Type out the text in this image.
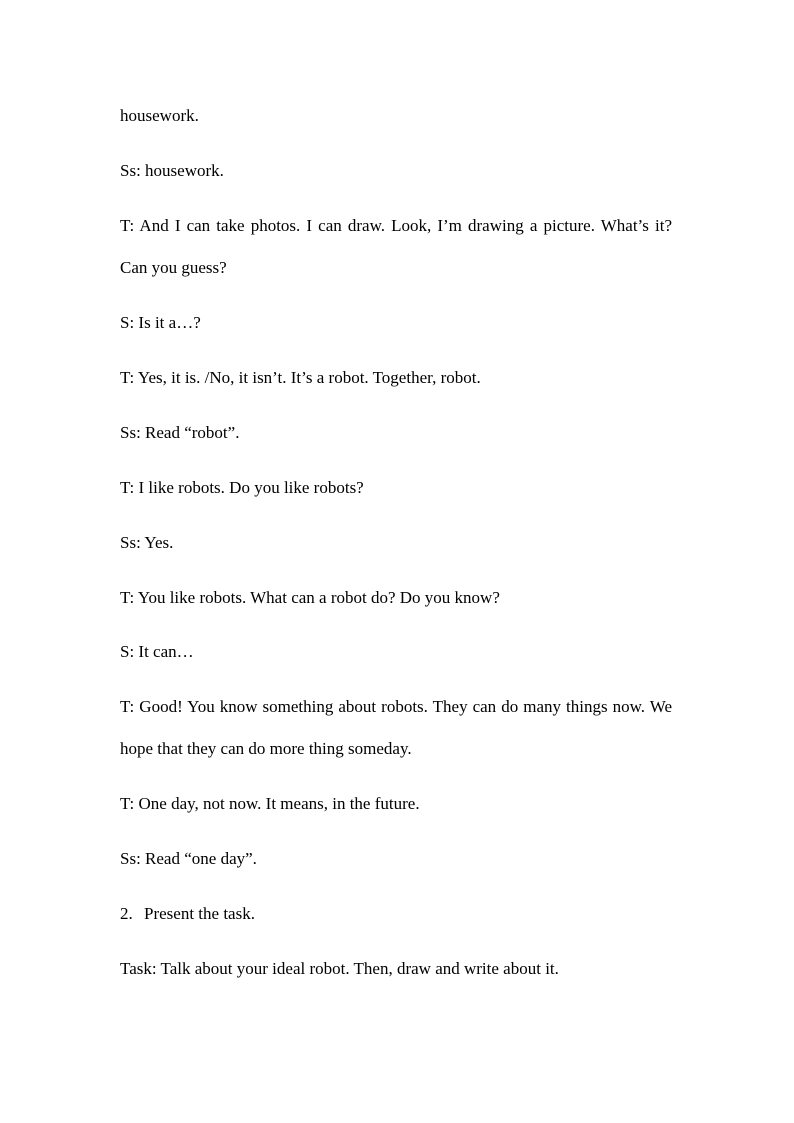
housework.

Ss: housework.

T: And I can take photos. I can draw. Look, I’m drawing a picture. What’s it? Can you guess?

S: Is it a…?

T: Yes, it is. /No, it isn’t. It’s a robot. Together, robot.

Ss: Read “robot”.

T: I like robots. Do you like robots?

Ss: Yes.

T: You like robots. What can a robot do? Do you know?

S: It can…

T: Good! You know something about robots. They can do many things now. We hope that they can do more thing someday.

T: One day, not now. It means, in the future.

Ss: Read “one day”.

2. Present the task.

Task: Talk about your ideal robot. Then, draw and write about it.
